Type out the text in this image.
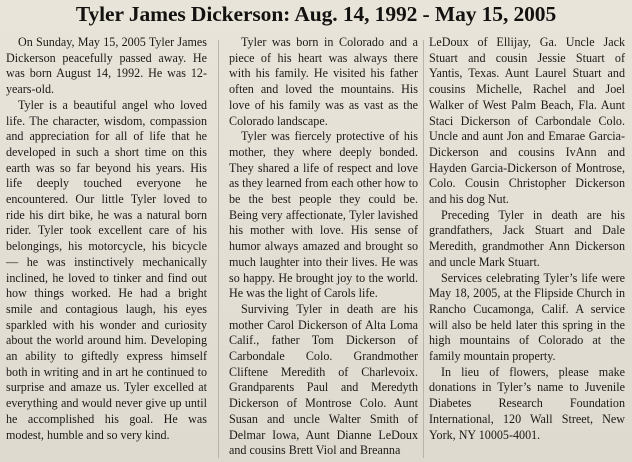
Tyler James Dickerson: Aug. 14, 1992 - May 15, 2005

On Sunday, May 15, 2005 Tyler James Dickerson peacefully passed away. He was born August 14, 1992. He was 12-years-old.

Tyler is a beautiful angel who loved life. The character, wisdom, compassion and appreciation for all of life that he developed in such a short time on this earth was so far beyond his years. His life deeply touched everyone he encountered. Our little Tyler loved to ride his dirt bike, he was a natural born rider. Tyler took excellent care of his belongings, his motorcycle, his bicycle — he was instinctively mechanically inclined, he loved to tinker and find out how things worked. He had a bright smile and contagious laugh, his eyes sparkled with his wonder and curiosity about the world around him. Developing an ability to giftedly express himself both in writing and in art he continued to surprise and amaze us. Tyler excelled at everything and would never give up until he accomplished his goal. He was modest, humble and so very kind.

Tyler was born in Colorado and a piece of his heart was always there with his family. He visited his father often and loved the mountains. His love of his family was as vast as the Colorado landscape.

Tyler was fiercely protective of his mother, they where deeply bonded. They shared a life of respect and love as they learned from each other how to be the best people they could be. Being very affectionate, Tyler lavished his mother with love. His sense of humor always amazed and brought so much laughter into their lives. He was so happy. He brought joy to the world. He was the light of Carols life.

Surviving Tyler in death are his mother Carol Dickerson of Alta Loma Calif., father Tom Dickerson of Carbondale Colo. Grandmother Cliftene Meredith of Charlevoix. Grandparents Paul and Meredyth Dickerson of Montrose Colo. Aunt Susan and uncle Walter Smith of Delmar Iowa, Aunt Dianne LeDoux and cousins Brett Viol and Breanna

LeDoux of Ellijay, Ga. Uncle Jack Stuart and cousin Jessie Stuart of Yantis, Texas. Aunt Laurel Stuart and cousins Michelle, Rachel and Joel Walker of West Palm Beach, Fla. Aunt Staci Dickerson of Carbondale Colo. Uncle and aunt Jon and Emarae Garcia-Dickerson and cousins IvAnn and Hayden Garcia-Dickerson of Montrose, Colo. Cousin Christopher Dickerson and his dog Nut.

Preceding Tyler in death are his grandfathers, Jack Stuart and Dale Meredith, grandmother Ann Dickerson and uncle Mark Stuart.

Services celebrating Tyler’s life were May 18, 2005, at the Flipside Church in Rancho Cucamonga, Calif. A service will also be held later this spring in the high mountains of Colorado at the family mountain property.

In lieu of flowers, please make donations in Tyler’s name to Juvenile Diabetes Research Foundation International, 120 Wall Street, New York, NY 10005-4001.
